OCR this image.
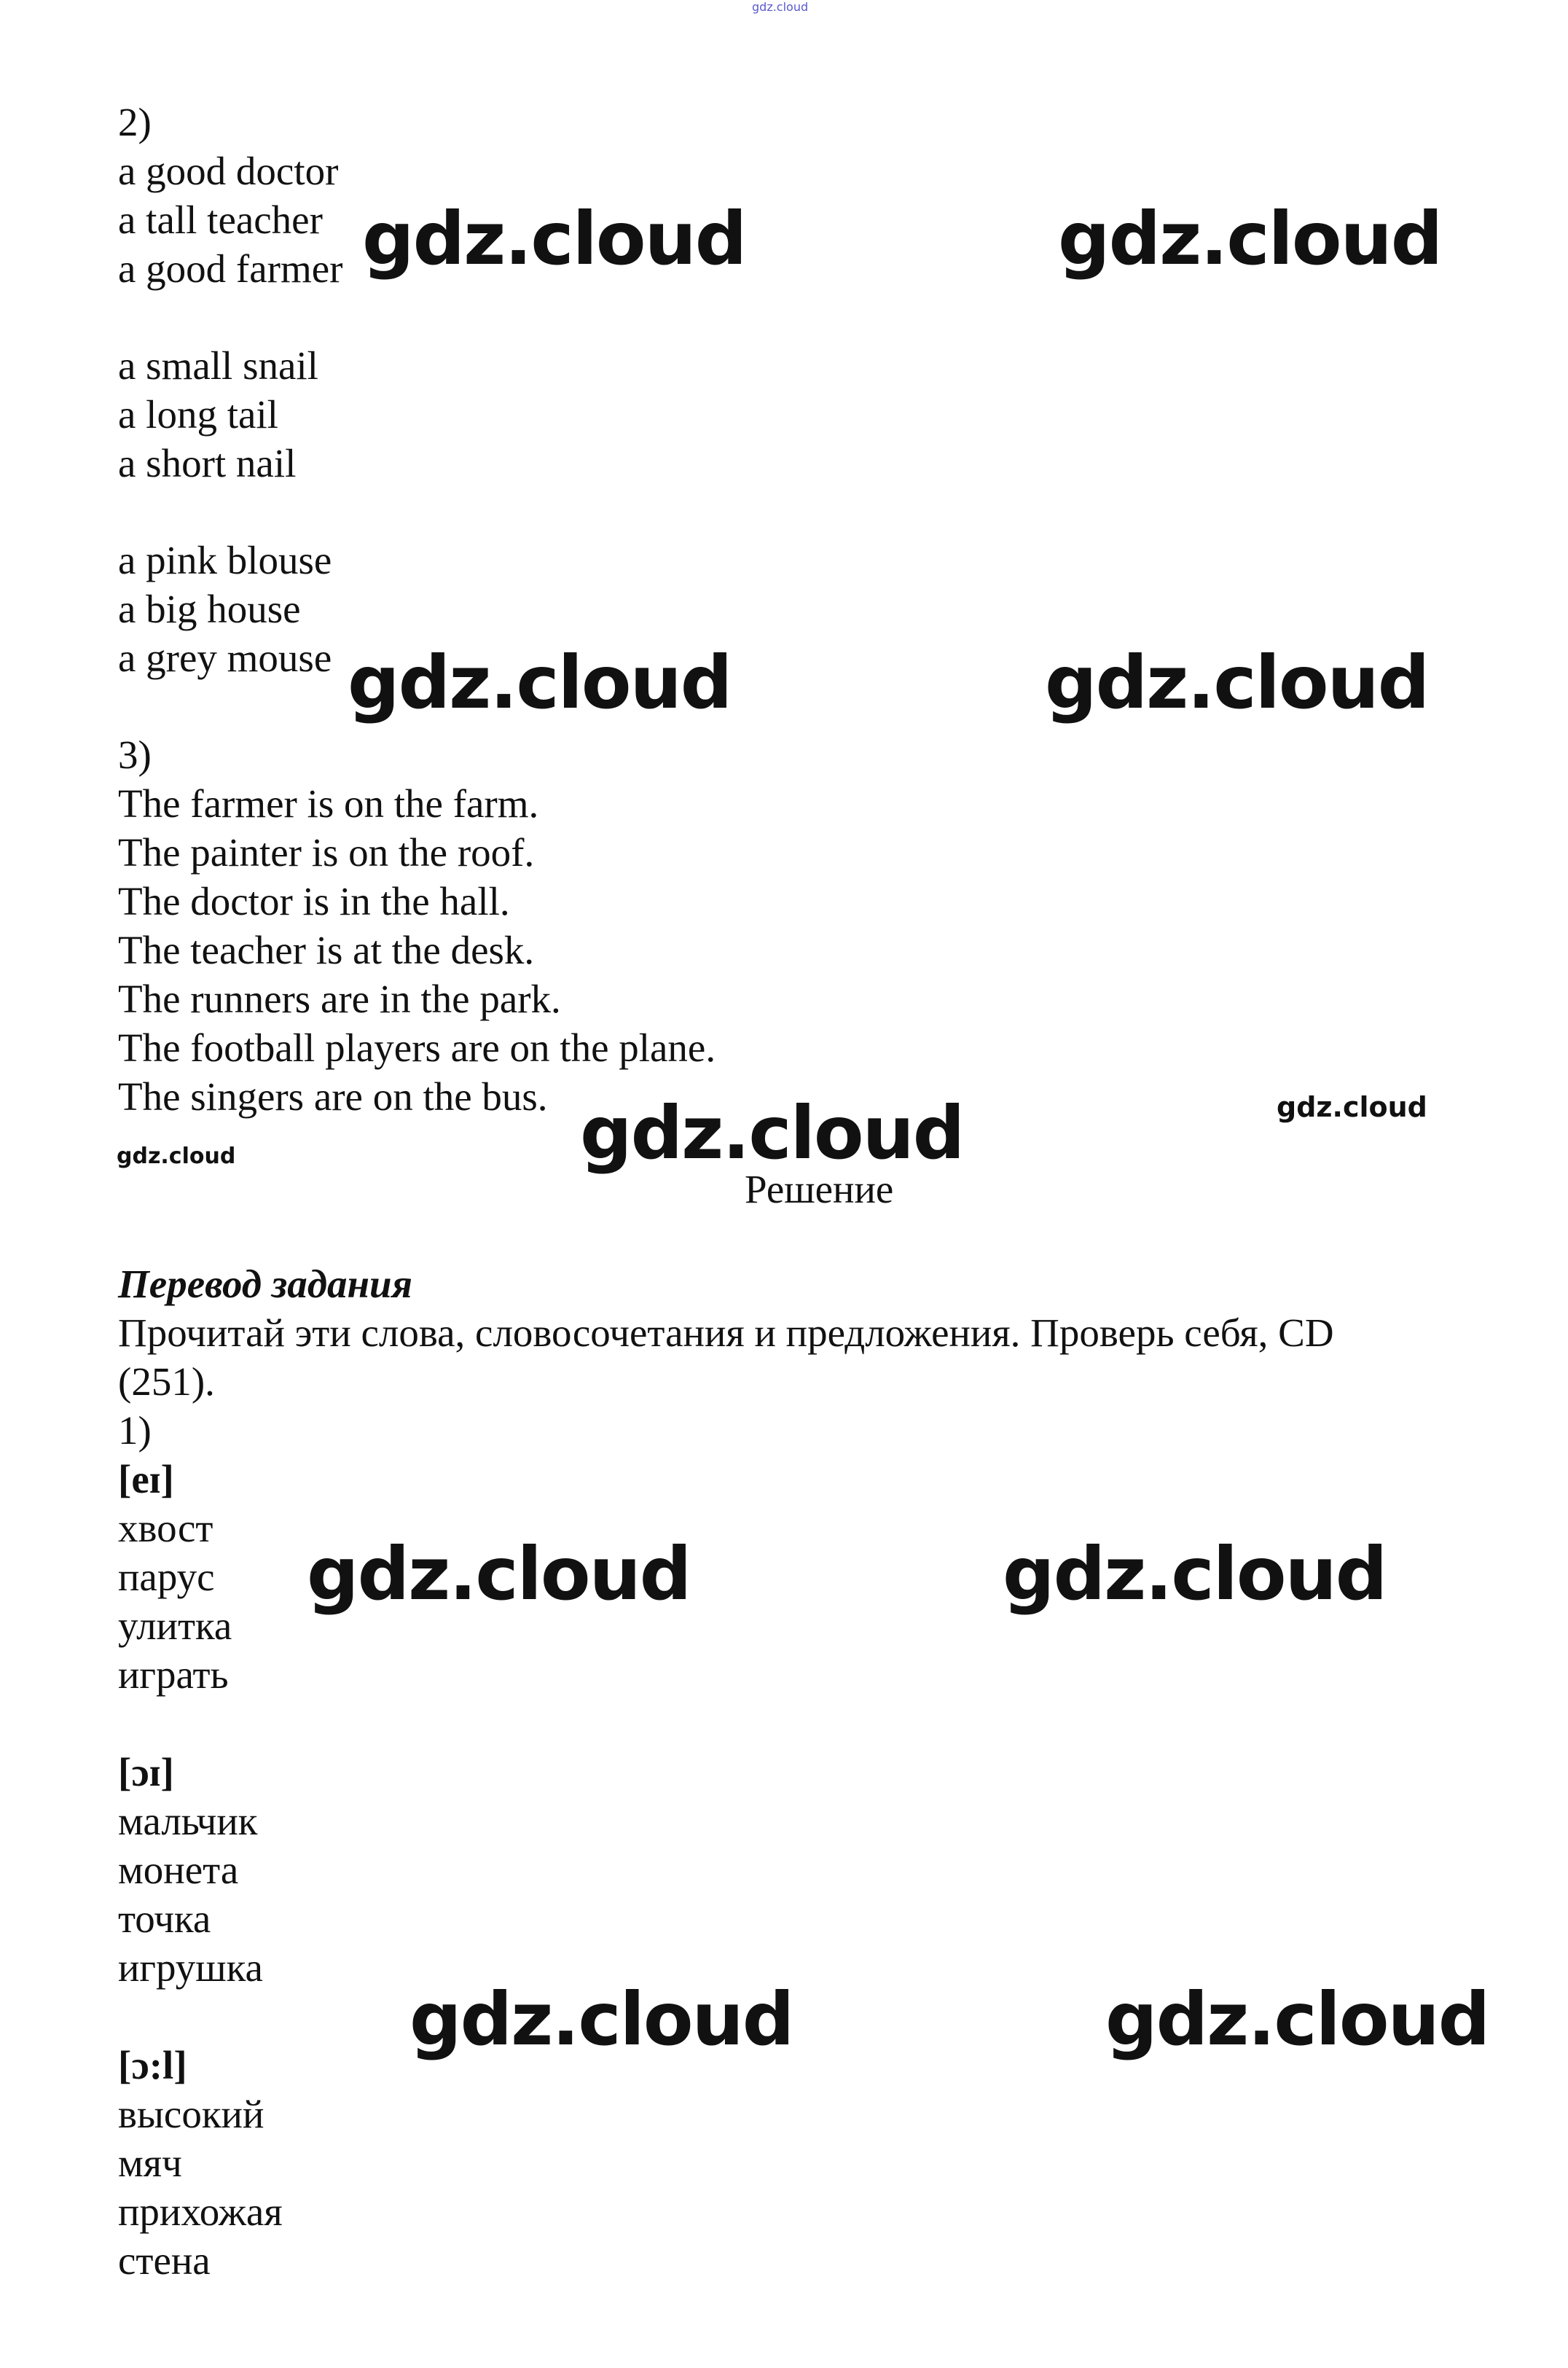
gdz.cloud
2)
a good doctor
a tall teacher
a good farmer
a small snail
a long tail
a short nail
a pink blouse
a big house
a grey mouse
3)
The farmer is on the farm.
The painter is on the roof.
The doctor is in the hall.
The teacher is at the desk.
The runners are in the park.
The football players are on the plane.
The singers are on the bus.
Решение
Перевод задания
Прочитай эти слова, словосочетания и предложения. Проверь себя, CD
(251).
1)
[eɪ]
хвост
парус
улитка
играть
[ɔɪ]
мальчик
монета
точка
игрушка
[ɔ:l]
высокий
мяч
прихожая
стена
gdz.cloud	gdz.cloud
gdz.cloud	gdz.cloud
gdz.cloud
gdz.cloud	gdz.cloud
gdz.cloud	gdz.cloud
gdz.cloud
gdz.cloud
